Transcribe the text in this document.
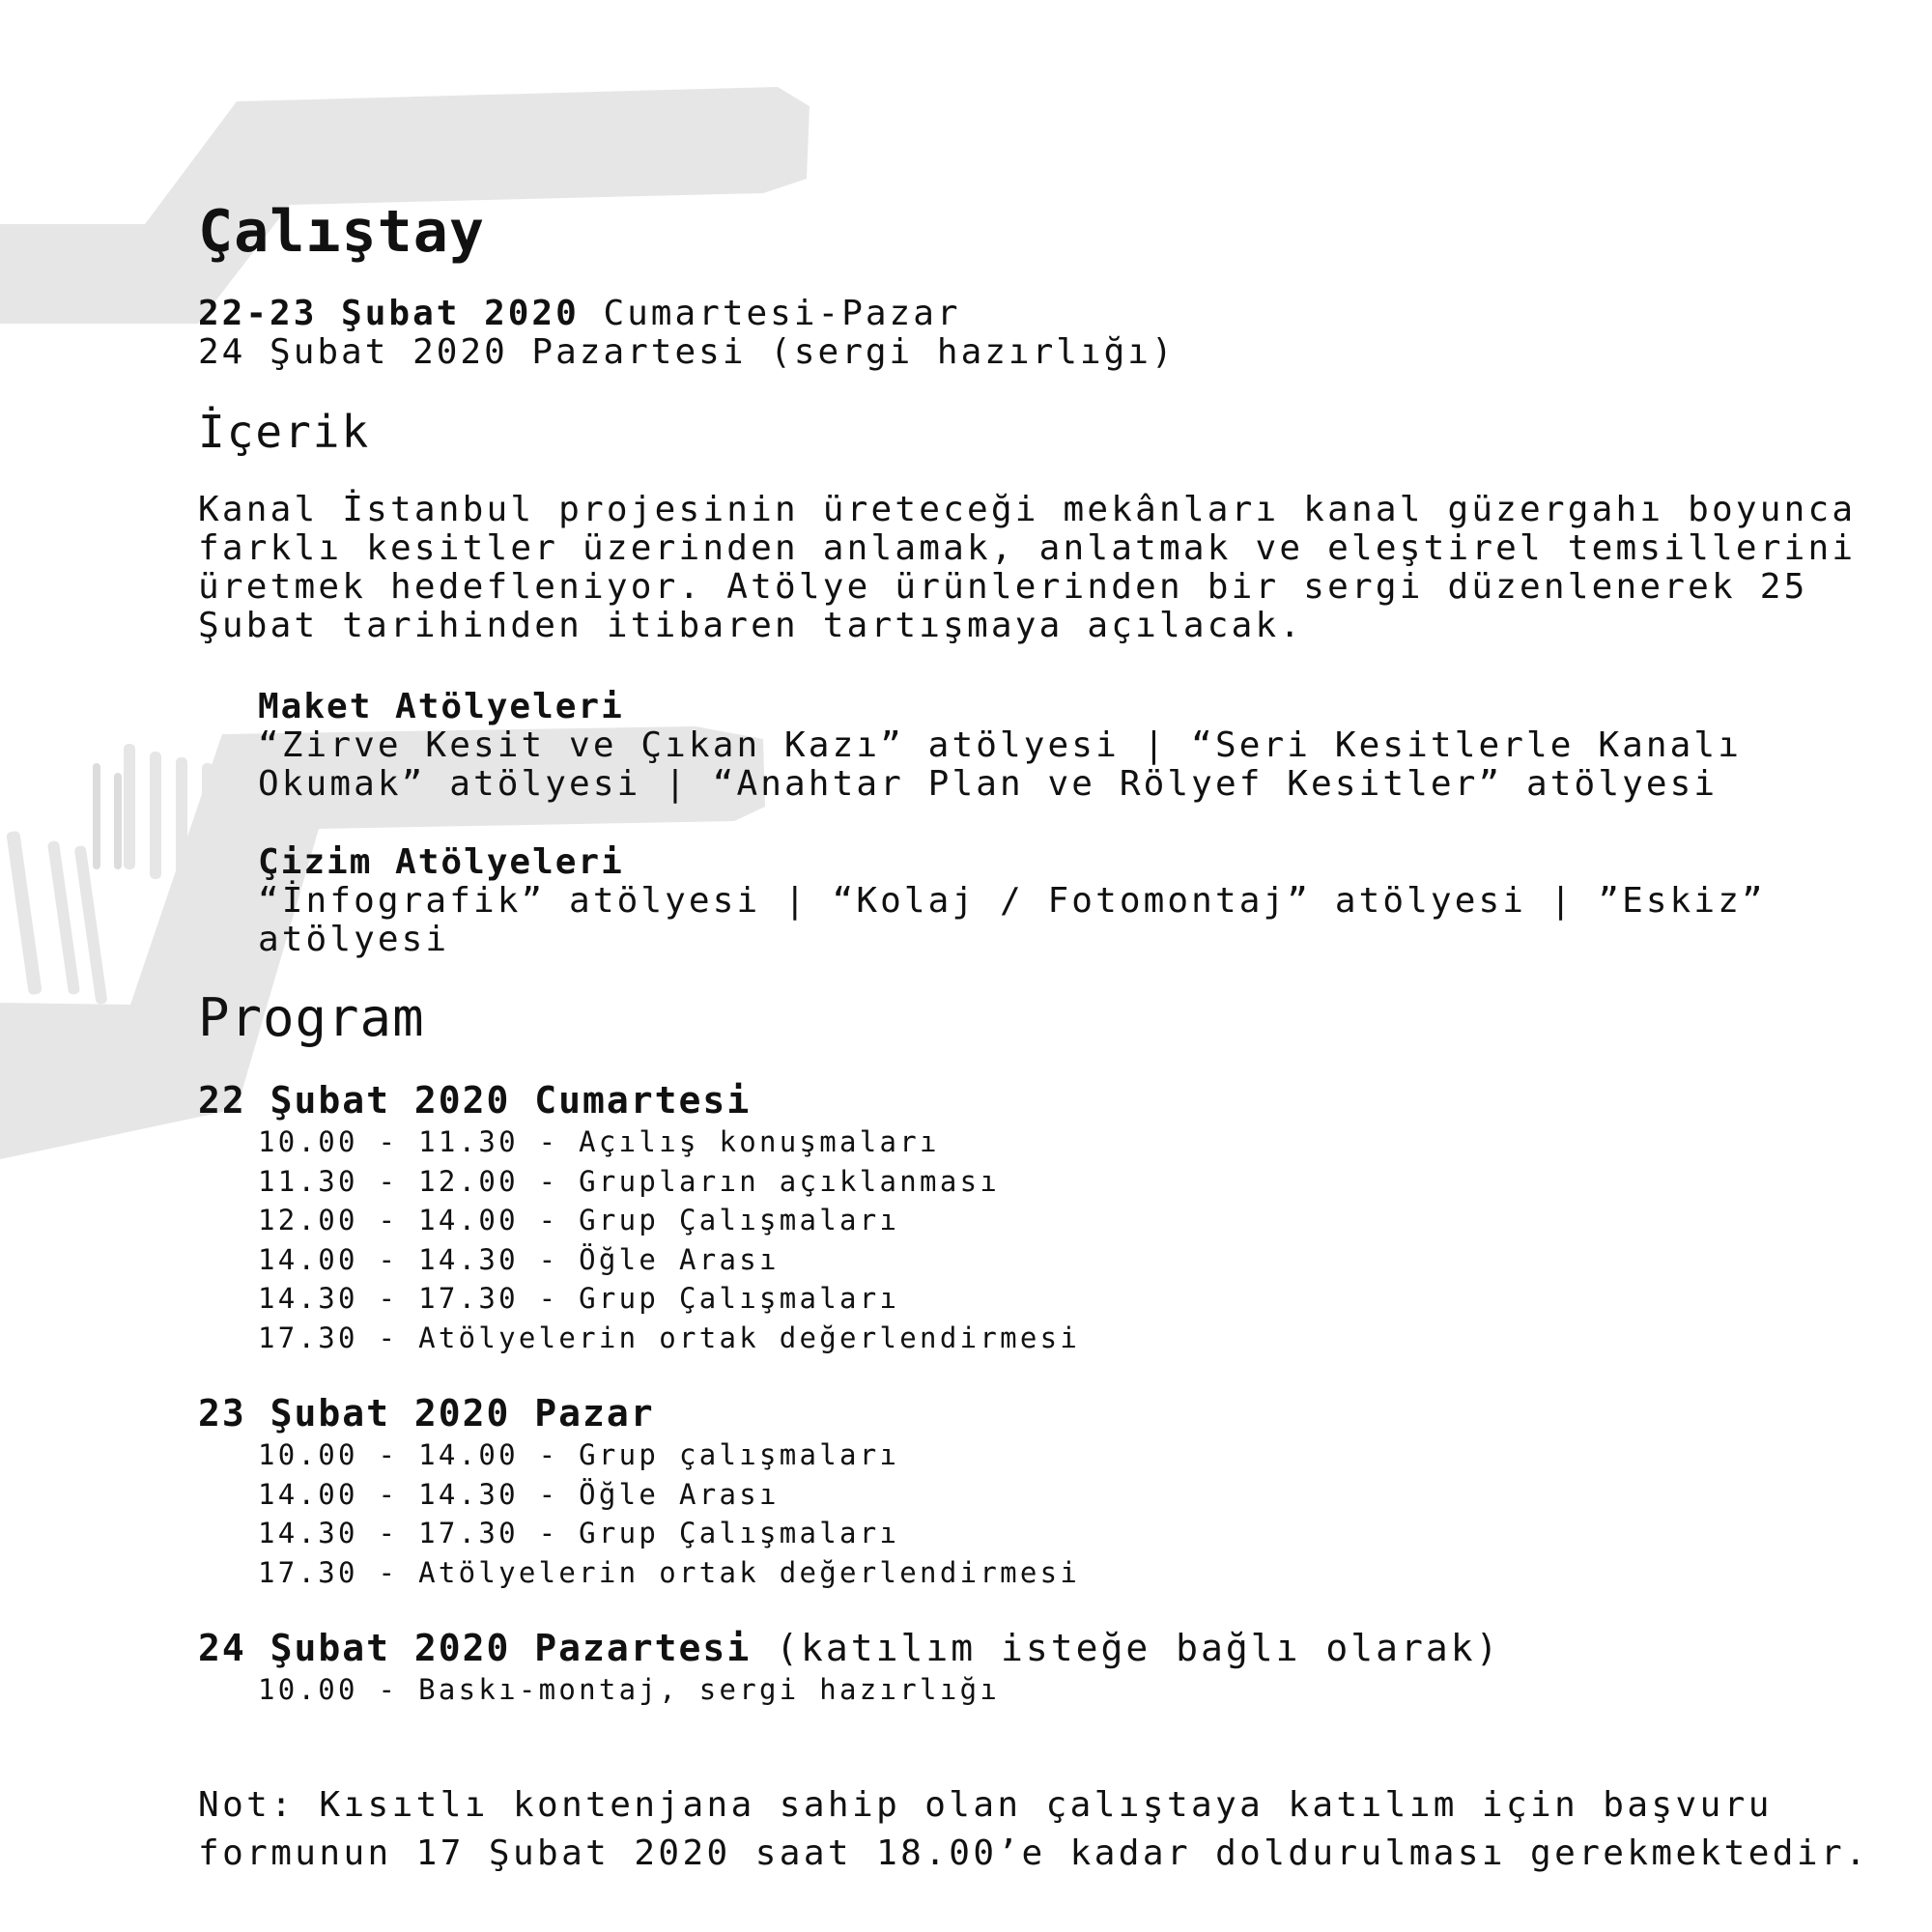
Çalıştay
22-23 Şubat 2020 Cumartesi-Pazar
24 Şubat 2020 Pazartesi (sergi hazırlığı)
İçerik
Kanal İstanbul projesinin üreteceği mekânları kanal güzergahı boyunca
farklı kesitler üzerinden anlamak, anlatmak ve eleştirel temsillerini
üretmek hedefleniyor. Atölye ürünlerinden bir sergi düzenlenerek 25
Şubat tarihinden itibaren tartışmaya açılacak.
Maket Atölyeleri
“Zirve Kesit ve Çıkan Kazı” atölyesi | “Seri Kesitlerle Kanalı
Okumak” atölyesi | “Anahtar Plan ve Rölyef Kesitler” atölyesi
Çizim Atölyeleri
“İnfografik” atölyesi | “Kolaj / Fotomontaj” atölyesi | ”Eskiz”
atölyesi
Program
22 Şubat 2020 Cumartesi
10.00 - 11.30 - Açılış konuşmaları
11.30 - 12.00 - Grupların açıklanması
12.00 - 14.00 - Grup Çalışmaları
14.00 - 14.30 - Öğle Arası
14.30 - 17.30 - Grup Çalışmaları
17.30 - Atölyelerin ortak değerlendirmesi
23 Şubat 2020 Pazar
10.00 - 14.00 - Grup çalışmaları
14.00 - 14.30 - Öğle Arası
14.30 - 17.30 - Grup Çalışmaları
17.30 - Atölyelerin ortak değerlendirmesi
24 Şubat 2020 Pazartesi (katılım isteğe bağlı olarak)
10.00 - Baskı-montaj, sergi hazırlığı
Not: Kısıtlı kontenjana sahip olan çalıştaya katılım için başvuru
formunun 17 Şubat 2020 saat 18.00’e kadar doldurulması gerekmektedir.
